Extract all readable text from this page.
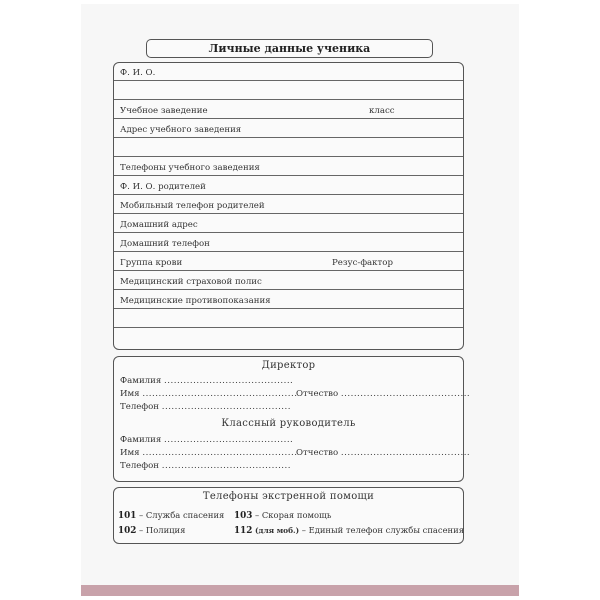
Личные данные ученика
Ф. И. О.
Учебное заведение	класс
Адрес учебного заведения
Телефоны учебного заведения
Ф. И. О. родителей
Мобильный телефон родителей
Домашний адрес
Домашний телефон
Группа крови	Резус-фактор
Медицинский страховой полис
Медицинские противопоказания
Директор
Фамилия ........................................
Имя ................................................
Отчество ........................................
Телефон ........................................
Классный руководитель
Фамилия ........................................
Имя ................................................
Отчество ........................................
Телефон ........................................
Телефоны экстренной помощи
101 – Служба спасения 103 – Скорая помощь
102 – Полиция	112 (для моб.) – Единый телефон службы спасения
